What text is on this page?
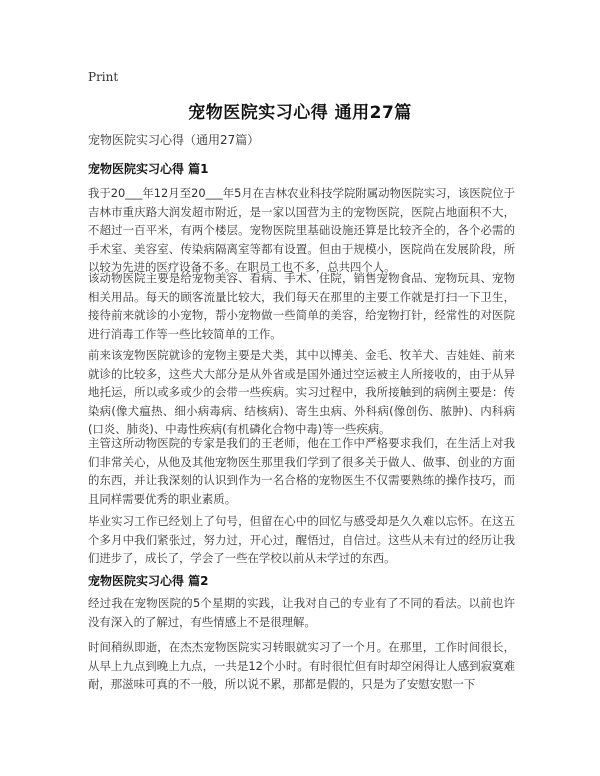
Print
宠物医院实习心得 通用27篇
宠物医院实习心得（通用27篇）
宠物医院实习心得 篇1

我于20___年12月至20___年5月在吉林农业科技学院附属动物医院实习，该医院位于吉林市重庆路大润发超市附近，是一家以国营为主的宠物医院，医院占地面积不大，不超过一百平米，有两个楼层。宠物医院里基础设施还算是比较齐全的，各个必需的手术室、美容室、传染病隔离室等都有设置。但由于规模小，医院尚在发展阶段，所以较为先进的医疗设备不多。在职员工也不多，总共四个人。

该动物医院主要是给宠物美容、看病、手术、住院，销售宠物食品、宠物玩具、宠物相关用品。每天的顾客流量比较大，我们每天在那里的主要工作就是打扫一下卫生，接待前来就诊的小宠物，帮小宠物做一些简单的美容，给宠物打针，经常性的对医院进行消毒工作等一些比较简单的工作。

前来该宠物医院就诊的宠物主要是犬类，其中以博美、金毛、牧羊犬、吉娃娃、前来就诊的比较多，这些犬大部分是从外省或是国外通过空运被主人所接收的，由于从异地托运，所以或多或少的会带一些疾病。实习过程中，我所接触到的病例主要是：传染病(像犬瘟热、细小病毒病、结核病)、寄生虫病、外科病(像创伤、脓肿)、内科病(口炎、肺炎)、中毒性疾病(有机磷化合物中毒)等一些疾病。

主管这所动物医院的专家是我们的王老师，他在工作中严格要求我们，在生活上对我们非常关心，从他及其他宠物医生那里我们学到了很多关于做人、做事、创业的方面的东西，并让我深刻的认识到作为一名合格的宠物医生不仅需要熟练的操作技巧，而且同样需要优秀的职业素质。

毕业实习工作已经划上了句号，但留在心中的回忆与感受却是久久难以忘怀。在这五个多月中我们紧张过，努力过，开心过，醒悟过，自信过。这些从未有过的经历让我们进步了，成长了，学会了一些在学校以前从未学过的东西。

宠物医院实习心得 篇2

经过我在宠物医院的5个星期的实践，让我对自己的专业有了不同的看法。以前也许没有深入的了解过，有些情感上不是很理解。

时间稍纵即逝，在杰杰宠物医院实习转眼就实习了一个月。在那里，工作时间很长，从早上九点到晚上九点，一共是12个小时。有时很忙但有时却空闲得让人感到寂寞难耐，那滋味可真的不一般，所以说不累，那都是假的，只是为了安慰安慰一下
